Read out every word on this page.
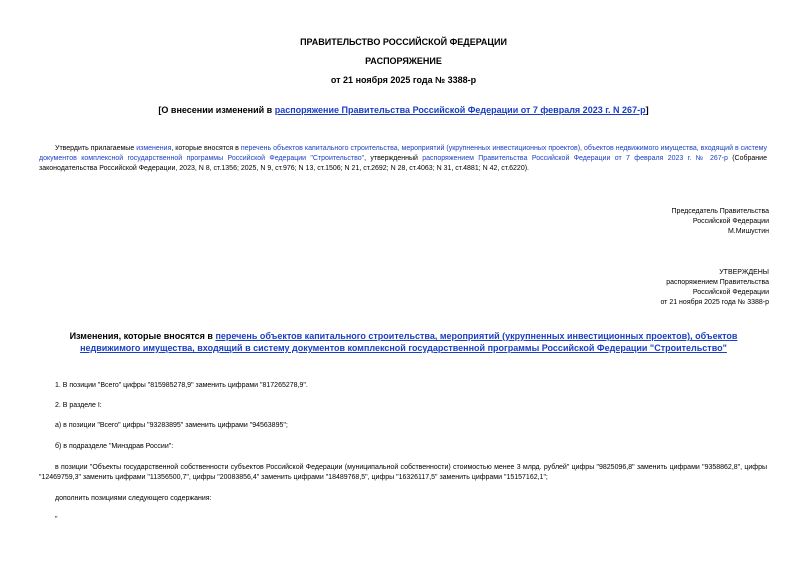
ПРАВИТЕЛЬСТВО РОССИЙСКОЙ ФЕДЕРАЦИИ
РАСПОРЯЖЕНИЕ
от 21 ноября 2025 года № 3388-р
[О внесении изменений в распоряжение Правительства Российской Федерации от 7 февраля 2023 г. N 267-р]
Утвердить прилагаемые изменения, которые вносятся в перечень объектов капитального строительства, мероприятий (укрупненных инвестиционных проектов), объектов недвижимого имущества, входящий в систему документов комплексной государственной программы Российской Федерации "Строительство", утвержденный распоряжением Правительства Российской Федерации от 7 февраля 2023 г. № 267-р (Собрание законодательства Российской Федерации, 2023, N 8, ст.1356; 2025, N 9, ст.976; N 13, ст.1506; N 21, ст.2692; N 28, ст.4063; N 31, ст.4881; N 42, ст.6220).
Председатель Правительства
Российской Федерации
М.Мишустин
УТВЕРЖДЕНЫ
распоряжением Правительства
Российской Федерации
от 21 ноября 2025 года № 3388-р
Изменения, которые вносятся в перечень объектов капитального строительства, мероприятий (укрупненных инвестиционных проектов), объектов недвижимого имущества, входящий в систему документов комплексной государственной программы Российской Федерации "Строительство"
1. В позиции "Всего" цифры "815985278,9" заменить цифрами "817265278,9".
2. В разделе I:
а) в позиции "Всего" цифры "93283895" заменить цифрами "94563895";
б) в подразделе "Минздрав России":
в позиции "Объекты государственной собственности субъектов Российской Федерации (муниципальной собственности) стоимостью менее 3 млрд. рублей" цифры "9825096,8" заменить цифрами "9358862,8", цифры "12469759,3" заменить цифрами "11356500,7", цифры "20083856,4" заменить цифрами "18489768,5", цифры "16326117,5" заменить цифрами "15157162,1";
дополнить позициями следующего содержания:
"
